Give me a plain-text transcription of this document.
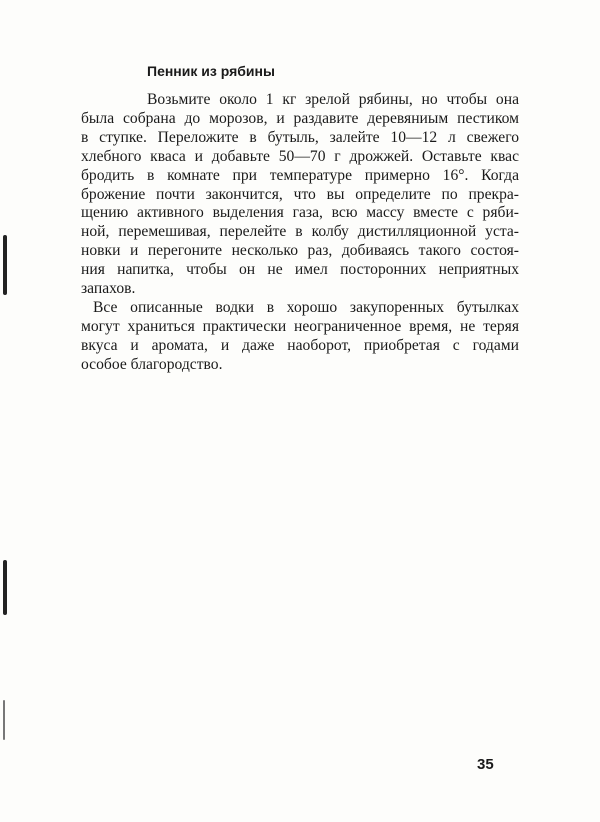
Пенник из рябины
Возьмите около 1 кг зрелой рябины, но чтобы она
была собрана до морозов, и раздавите деревяниым пестиком
в ступке. Переложите в бутыль, залейте 10—12 л свежего
хлебного кваса и добавьте 50—70 г дрожжей. Оставьте квас
бродить в комнате при температуре примерно 16°. Когда
брожение почти закончится, что вы определите по прекра-
щению активного выделения газа, всю массу вместе с ряби-
ной, перемешивая, перелейте в колбу дистилляционной уста-
новки и перегоните несколько раз, добиваясь такого состоя-
ния напитка, чтобы он не имел посторонних неприятных
запахов.
Все описанные водки в хорошо закупоренных бутылках
могут храниться практически неограниченное время, не теряя
вкуса и аромата, и даже наоборот, приобретая с годами
особое благородство.
35
